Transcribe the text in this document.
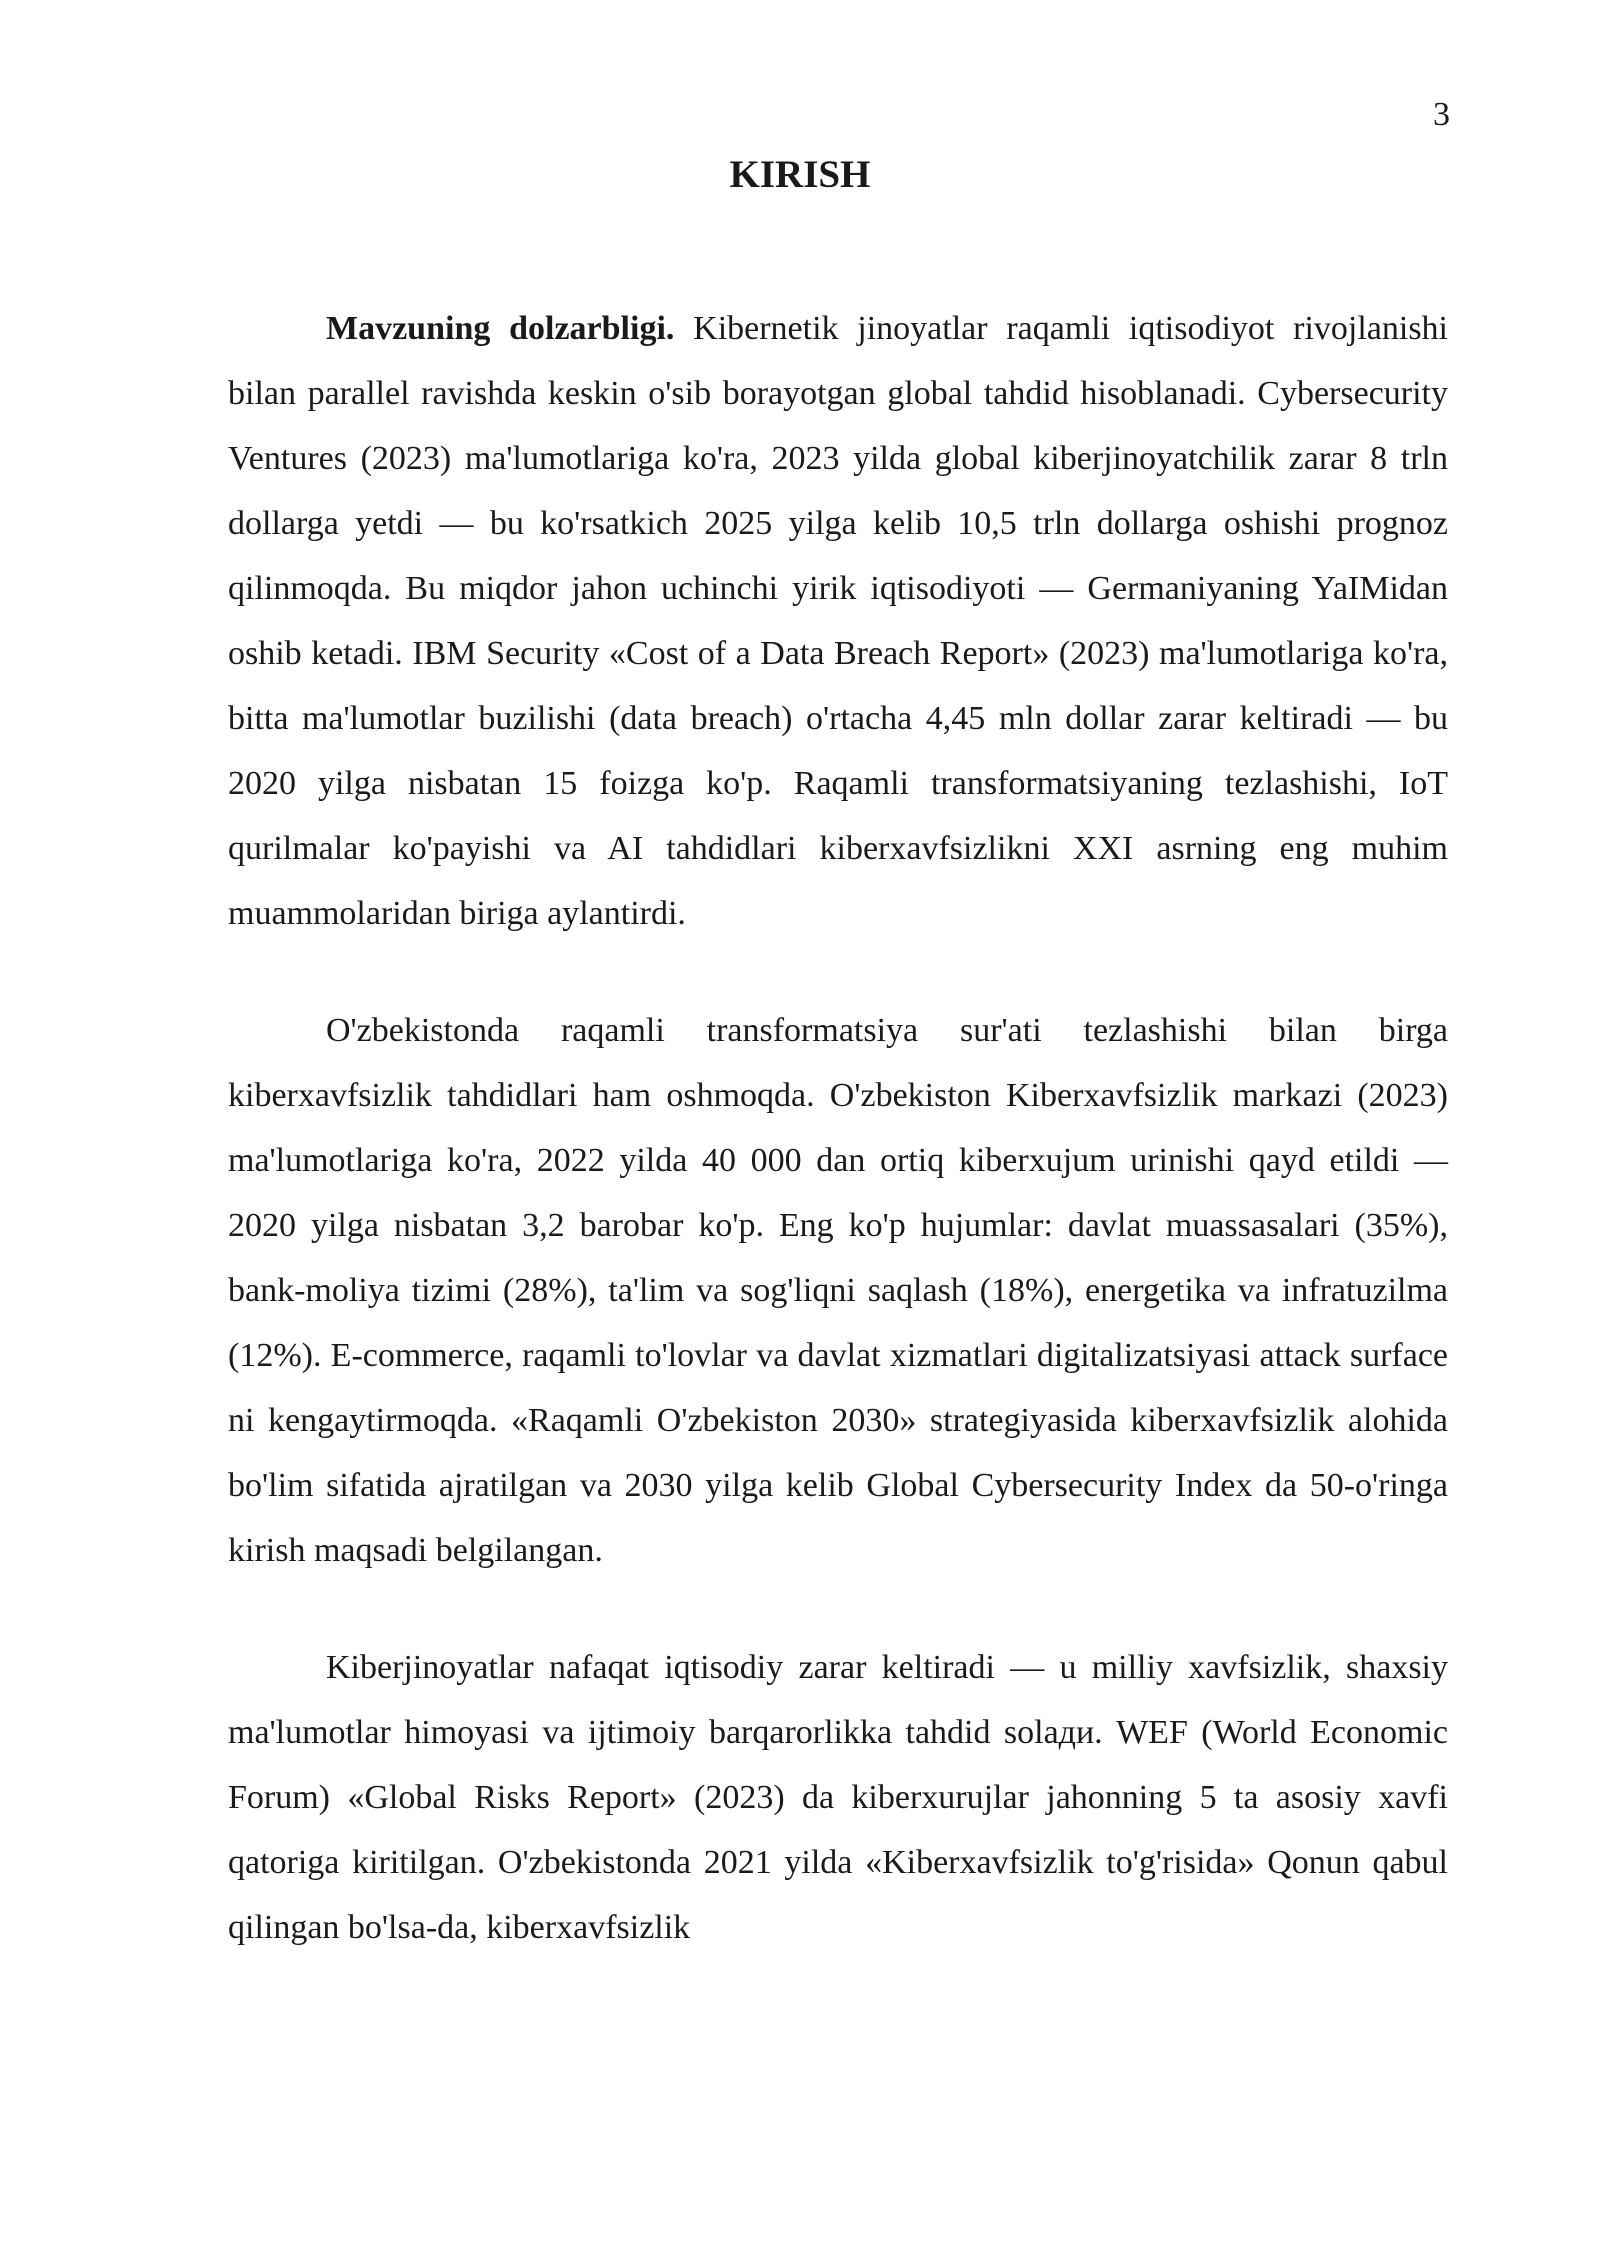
3
KIRISH

Mavzuning dolzarbligi. Kibernetik jinoyatlar raqamli iqtisodiyot rivojlanishi bilan parallel ravishda keskin o'sib borayotgan global tahdid hisoblanadi. Cybersecurity Ventures (2023) ma'lumotlariga ko'ra, 2023 yilda global kiberjinoyatchilik zarar 8 trln dollarga yetdi — bu ko'rsatkich 2025 yilga kelib 10,5 trln dollarga oshishi prognoz qilinmoqda. Bu miqdor jahon uchinchi yirik iqtisodiyoti — Germaniyaning YaIMidan oshib ketadi. IBM Security «Cost of a Data Breach Report» (2023) ma'lumotlariga ko'ra, bitta ma'lumotlar buzilishi (data breach) o'rtacha 4,45 mln dollar zarar keltiradi — bu 2020 yilga nisbatan 15 foizga ko'p. Raqamli transformatsiyaning tezlashishi, IoT qurilmalar ko'payishi va AI tahdidlari kiberxavfsizlikni XXI asrning eng muhim muammolaridan biriga aylantirdi.

O'zbekistonda raqamli transformatsiya sur'ati tezlashishi bilan birga kiberxavfsizlik tahdidlari ham oshmoqda. O'zbekiston Kiberxavfsizlik markazi (2023) ma'lumotlariga ko'ra, 2022 yilda 40 000 dan ortiq kiberxujum urinishi qayd etildi — 2020 yilga nisbatan 3,2 barobar ko'p. Eng ko'p hujumlar: davlat muassasalari (35%), bank-moliya tizimi (28%), ta'lim va sog'liqni saqlash (18%), energetika va infratuzilma (12%). E-commerce, raqamli to'lovlar va davlat xizmatlari digitalizatsiyasi attack surface ni kengaytirmoqda. «Raqamli O'zbekiston 2030» strategiyasida kiberxavfsizlik alohida bo'lim sifatida ajratilgan va 2030 yilga kelib Global Cybersecurity Index da 50-o'ringa kirish maqsadi belgilangan.

Kiberjinoyatlar nafaqat iqtisodiy zarar keltiradi — u milliy xavfsizlik, shaxsiy ma'lumotlar himoyasi va ijtimoiy barqarorlikka tahdid solади. WEF (World Economic Forum) «Global Risks Report» (2023) da kiberxurujlar jahonning 5 ta asosiy xavfi qatoriga kiritilgan. O'zbekistonda 2021 yilda «Kiberxavfsizlik to'g'risida» Qonun qabul qilingan bo'lsa-da, kiberxavfsizlik
